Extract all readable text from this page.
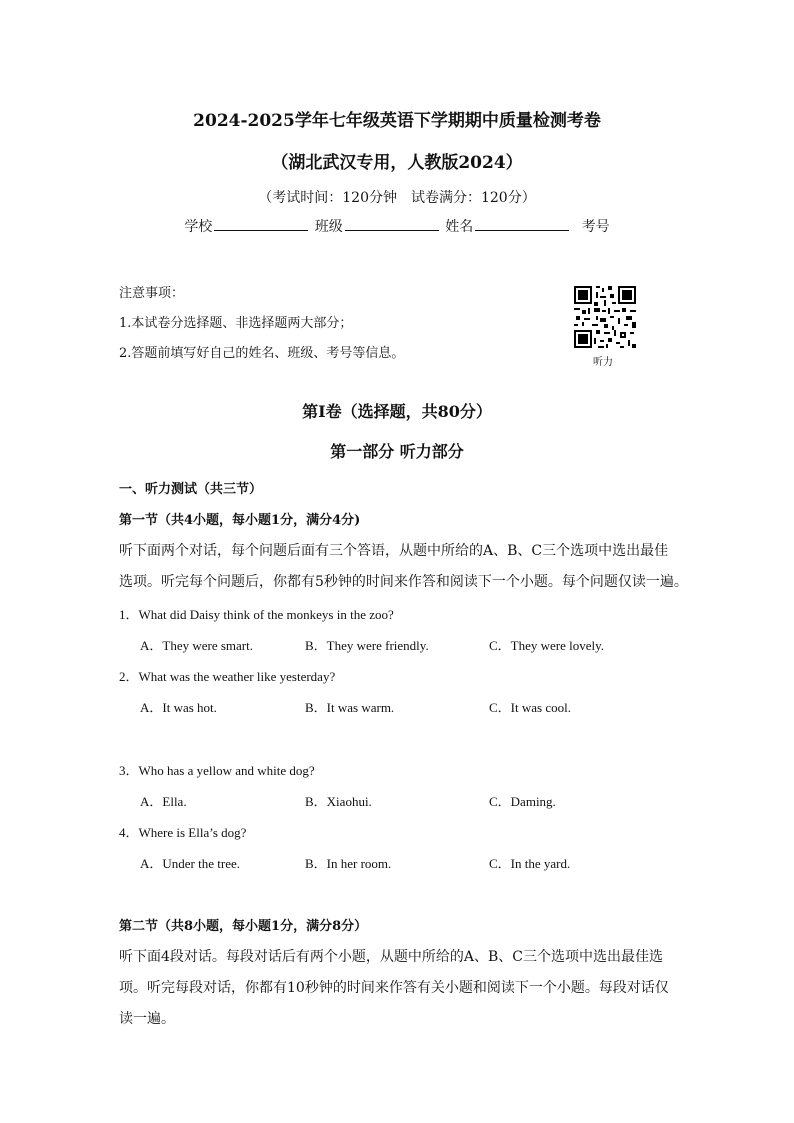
2024-2025学年七年级英语下学期期中质量检测考卷
（湖北武汉专用，人教版2024）
（考试时间：120分钟　试卷满分：120分）
学校	班级	姓名	考号
注意事项：
1.本试卷分选择题、非选择题两大部分；
2.答题前填写好自己的姓名、班级、考号等信息。
听力
第Ⅰ卷（选择题，共80分）
第一部分 听力部分
一、听力测试（共三节）
第一节（共4小题，每小题1分，满分4分)
听下面两个对话，每个问题后面有三个答语，从题中所给的A、B、C三个选项中选出最佳
选项。听完每个问题后，你都有5秒钟的时间来作答和阅读下一个小题。每个问题仅读一遍。
1．What did Daisy think of the monkeys in the zoo?
A．They were smart.	B．They were friendly.	C．They were lovely.
2．What was the weather like yesterday?
A．It was hot.	B．It was warm.	C．It was cool.
3．Who has a yellow and white dog?
A．Ella.	B．Xiaohui.	C．Daming.
4．Where is Ella’s dog?
A．Under the tree.	B．In her room.	C．In the yard.
第二节（共8小题，每小题1分，满分8分）
听下面4段对话。每段对话后有两个小题，从题中所给的A、B、C三个选项中选出最佳选
项。听完每段对话，你都有10秒钟的时间来作答有关小题和阅读下一个小题。每段对话仅
读一遍。
